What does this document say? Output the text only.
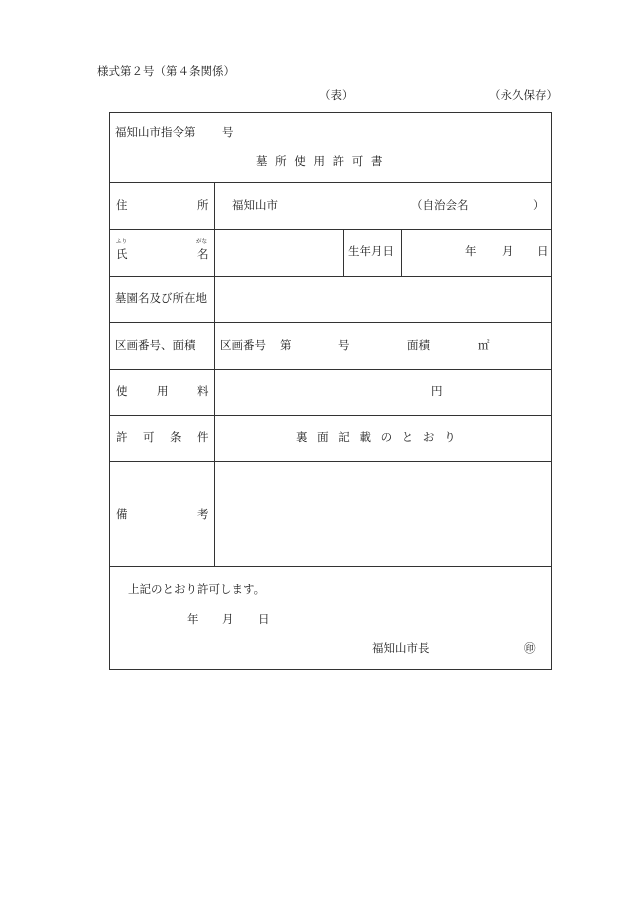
様式第２号（第４条関係）
（表）	（永久保存）
福知山市指令第 号
墓 所 使 用 許 可 書
住	所 福知山市	（自治会名	）
ふり	がな
氏	名	生年月日	年 月 日
墓園名及び所在地
区画番号、面積 区画番号 第	号	面積	㎡
使	用 料	円
許 可 条 件	裏 面 記 載 の と お り
備	考
上記のとおり許可します。
年 月 日
福知山市長	㊞
